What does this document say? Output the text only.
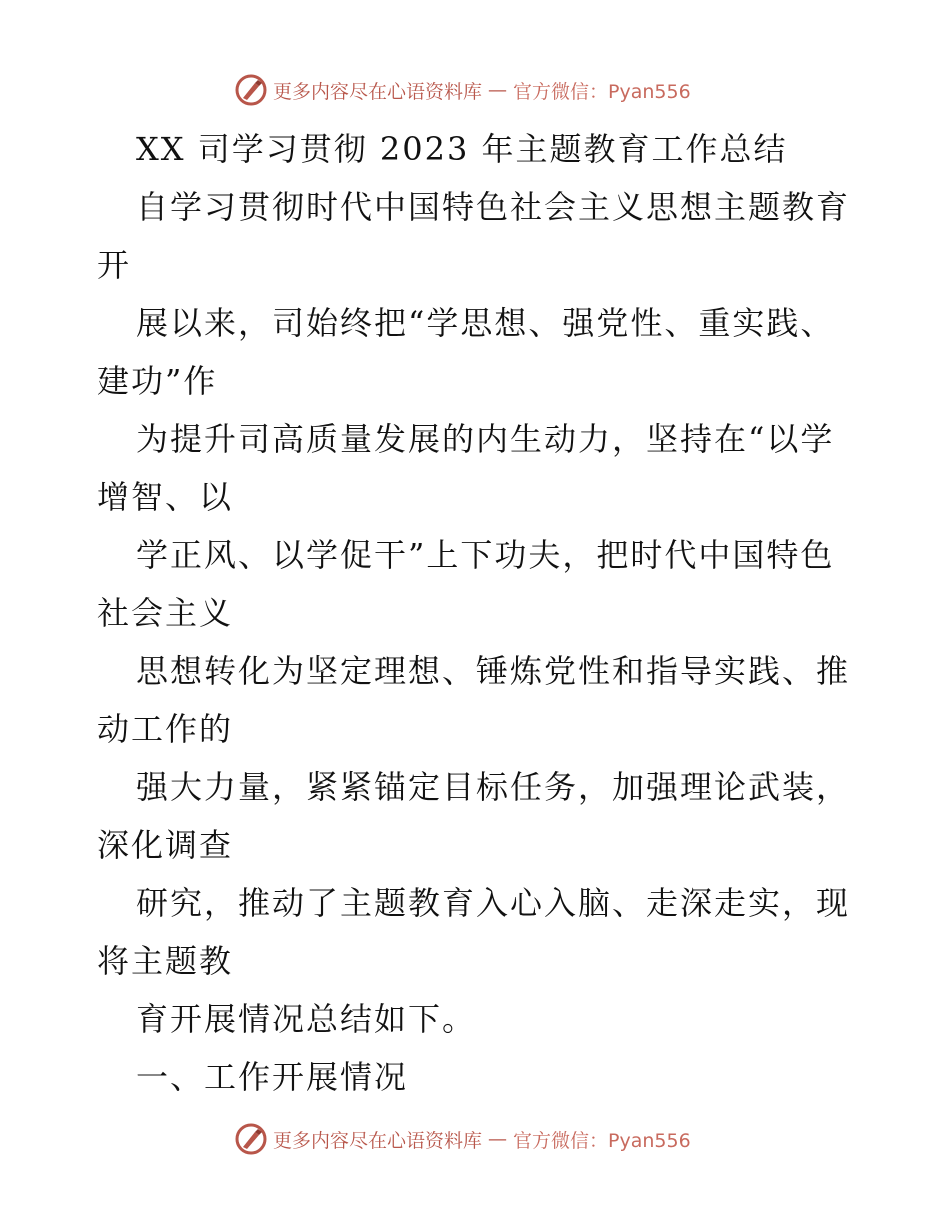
更多内容尽在心语资料库 — 官方微信：Pyan556
XX 司学习贯彻 2023 年主题教育工作总结
自学习贯彻时代中国特色社会主义思想主题教育
开
展以来，司始终把“学思想、强党性、重实践、
建功”作
为提升司高质量发展的内生动力，坚持在“以学
增智、以
学正风、以学促干”上下功夫，把时代中国特色
社会主义
思想转化为坚定理想、锤炼党性和指导实践、推
动工作的
强大力量，紧紧锚定目标任务，加强理论武装，
深化调查
研究，推动了主题教育入心入脑、走深走实，现
将主题教
育开展情况总结如下。
一、工作开展情况
更多内容尽在心语资料库 — 官方微信：Pyan556
